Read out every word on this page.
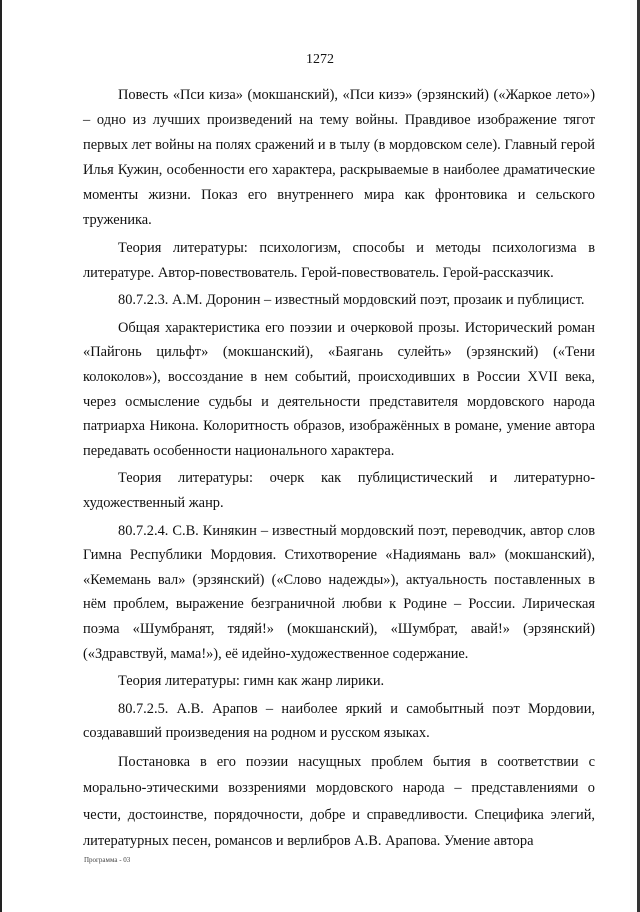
1272

Повесть «Пси киза» (мокшанский), «Пси кизэ» (эрзянский) («Жаркое лето») – одно из лучших произведений на тему войны. Правдивое изображение тягот первых лет войны на полях сражений и в тылу (в мордовском селе). Главный герой Илья Кужин, особенности его характера, раскрываемые в наиболее драматические моменты жизни. Показ его внутреннего мира как фронтовика и сельского труженика.

Теория литературы: психологизм, способы и методы психологизма в литературе. Автор-повествователь. Герой-повествователь. Герой-рассказчик.

80.7.2.3. А.М. Доронин – известный мордовский поэт, прозаик и публицист.

Общая характеристика его поэзии и очерковой прозы. Исторический роман «Пайгонь цильфт» (мокшанский), «Баягань сулейть» (эрзянский) («Тени колоколов»), воссоздание в нем событий, происходивших в России XVII века, через осмысление судьбы и деятельности представителя мордовского народа патриарха Никона. Колоритность образов, изображённых в романе, умение автора передавать особенности национального характера.

Теория литературы: очерк как публицистический и литературно-художественный жанр.

80.7.2.4. С.В. Кинякин – известный мордовский поэт, переводчик, автор слов Гимна Республики Мордовия. Стихотворение «Надиямань вал» (мокшанский), «Кемемань вал» (эрзянский) («Слово надежды»), актуальность поставленных в нём проблем, выражение безграничной любви к Родине – России. Лирическая поэма «Шумбранят, тядяй!» (мокшанский), «Шумбрат, авай!» (эрзянский) («Здравствуй, мама!»), её идейно-художественное содержание.

Теория литературы: гимн как жанр лирики.

80.7.2.5. А.В. Арапов – наиболее яркий и самобытный поэт Мордовии, создававший произведения на родном и русском языках.

Постановка в его поэзии насущных проблем бытия в соответствии с морально-этическими воззрениями мордовского народа – представлениями о чести, достоинстве, порядочности, добре и справедливости. Специфика элегий, литературных песен, романсов и верлибров А.В. Арапова. Умение автора

Программа - 03
